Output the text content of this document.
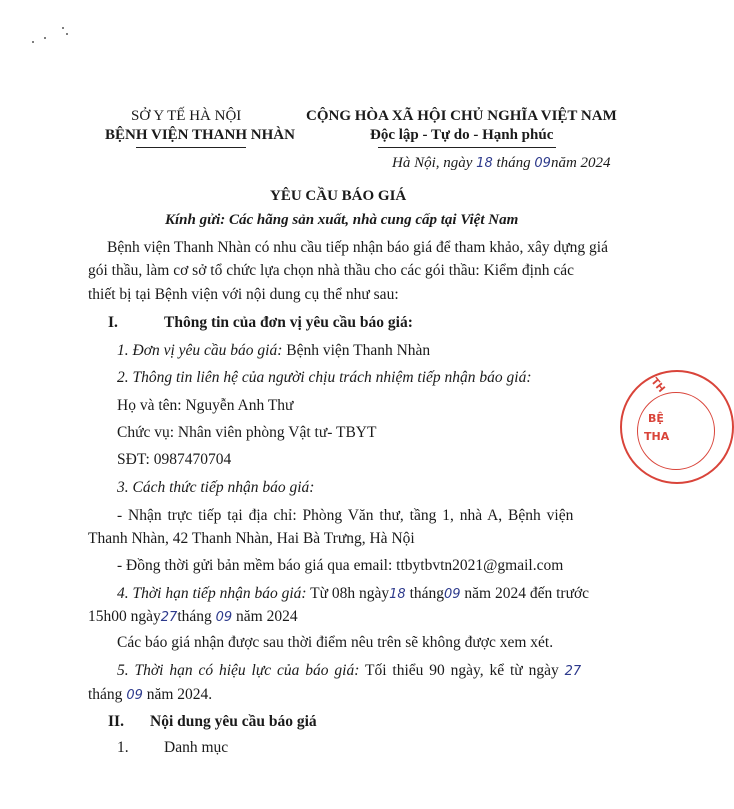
SỞ Y TẾ HÀ NỘI
BỆNH VIỆN THANH NHÀN
CỘNG HÒA XÃ HỘI CHỦ NGHĨA VIỆT NAM
Độc lập - Tự do - Hạnh phúc
Hà Nội, ngày 18 tháng 09năm 2024
YÊU CẦU BÁO GIÁ
Kính gửi: Các hãng sản xuất, nhà cung cấp tại Việt Nam
Bệnh viện Thanh Nhàn có nhu cầu tiếp nhận báo giá để tham khảo, xây dựng giá
gói thầu, làm cơ sở tổ chức lựa chọn nhà thầu cho các gói thầu: Kiểm định các
thiết bị tại Bệnh viện với nội dung cụ thể như sau:
I.	Thông tin của đơn vị yêu cầu báo giá:
1. Đơn vị yêu cầu báo giá: Bệnh viện Thanh Nhàn
2. Thông tin liên hệ của người chịu trách nhiệm tiếp nhận báo giá:
Họ và tên: Nguyễn Anh Thư
Chức vụ: Nhân viên phòng Vật tư- TBYT
SĐT: 0987470704
3. Cách thức tiếp nhận báo giá:
- Nhận trực tiếp tại địa chỉ: Phòng Văn thư, tầng 1, nhà A, Bệnh viện
Thanh Nhàn, 42 Thanh Nhàn, Hai Bà Trưng, Hà Nội
- Đồng thời gửi bản mềm báo giá qua email: ttbytbvtn2021@gmail.com
4. Thời hạn tiếp nhận báo giá: Từ 08h ngày18 tháng09 năm 2024 đến trước
15h00 ngày27tháng 09 năm 2024
Các báo giá nhận được sau thời điểm nêu trên sẽ không được xem xét.
5. Thời hạn có hiệu lực của báo giá: Tối thiểu 90 ngày, kể từ ngày 27
tháng 09 năm 2024.
II. Nội dung yêu cầu báo giá
1. Danh mục
TH
BỆ
THA
